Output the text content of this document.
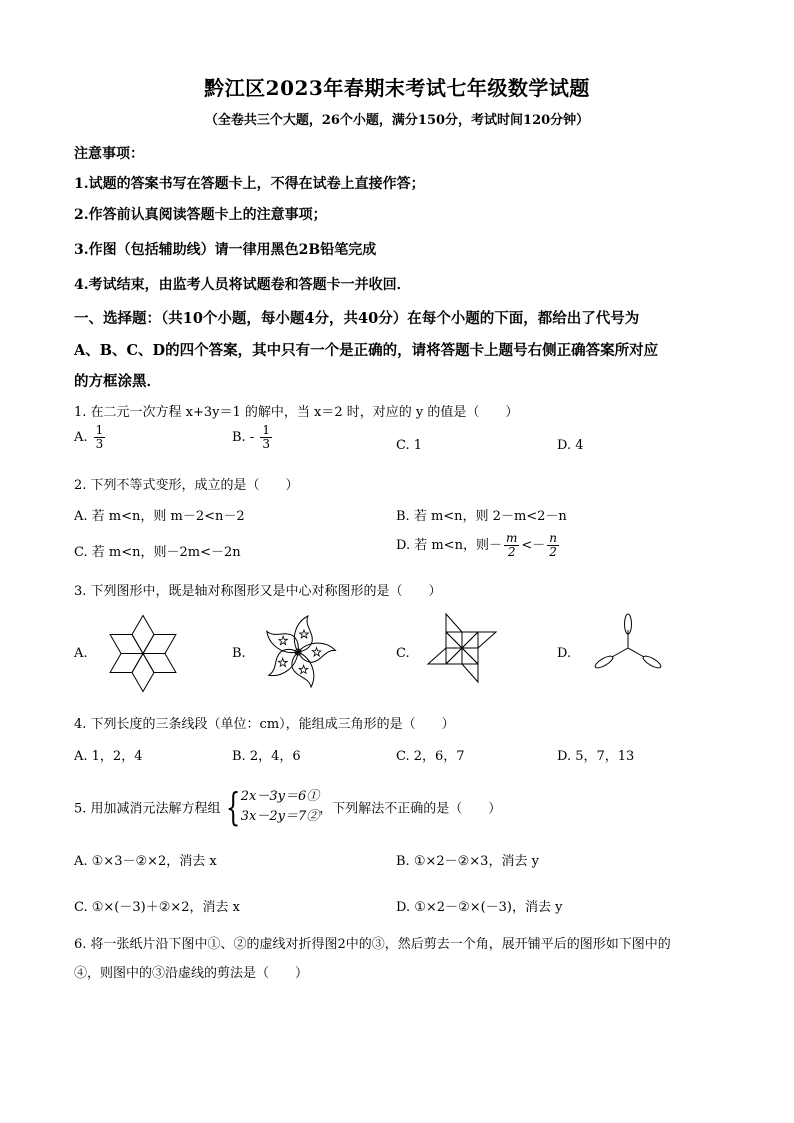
黔江区2023年春期末考试七年级数学试题
（全卷共三个大题，26个小题，满分150分，考试时间120分钟）
注意事项：
1.试题的答案书写在答题卡上，不得在试卷上直接作答；
2.作答前认真阅读答题卡上的注意事项；
3.作图（包括辅助线）请一律用黑色2B铅笔完成
4.考试结束，由监考人员将试题卷和答题卡一并收回．
一、选择题：（共10个小题，每小题4分，共40分）在每个小题的下面，都给出了代号为
A、B、C、D的四个答案，其中只有一个是正确的，请将答题卡上题号右侧正确答案所对应
的方框涂黑．
1. 在二元一次方程 x+3y＝1 的解中，当 x＝2 时，对应的 y 的值是（　　）
A. $\frac{1}{3}$	B. - $\frac{1}{3}$	C. 1	D. 4
2. 下列不等式变形，成立的是（　　）
A. 若 m<n，则 m－2<n－2	B. 若 m<n，则 2－m<2－n
C. 若 m<n，则－2m<－2n	D. 若 m<n，则－ $\frac{m}{2} <- \frac{n}{2}$
3. 下列图形中，既是轴对称图形又是中心对称图形的是（　　）
A.	B.	C.	D.
4. 下列长度的三条线段（单位：cm），能组成三角形的是（　　）
A. 1，2，4	B. 2，4，6	C. 2，6，7	D. 5，7，13
5. 用加减消元法解方程组 { 2x－3y＝6①
3x－2y＝7② ，下列解法不正确的是（　　）
A. ①×3－②×2，消去 x	B. ①×2－②×3，消去 y
C. ①×(－3)＋②×2，消去 x	D. ①×2－②×(－3)，消去 y
6. 将一张纸片沿下图中①、②的虚线对折得图2中的③，然后剪去一个角，展开铺平后的图形如下图中的
④，则图中的③沿虚线的剪法是（　　）
